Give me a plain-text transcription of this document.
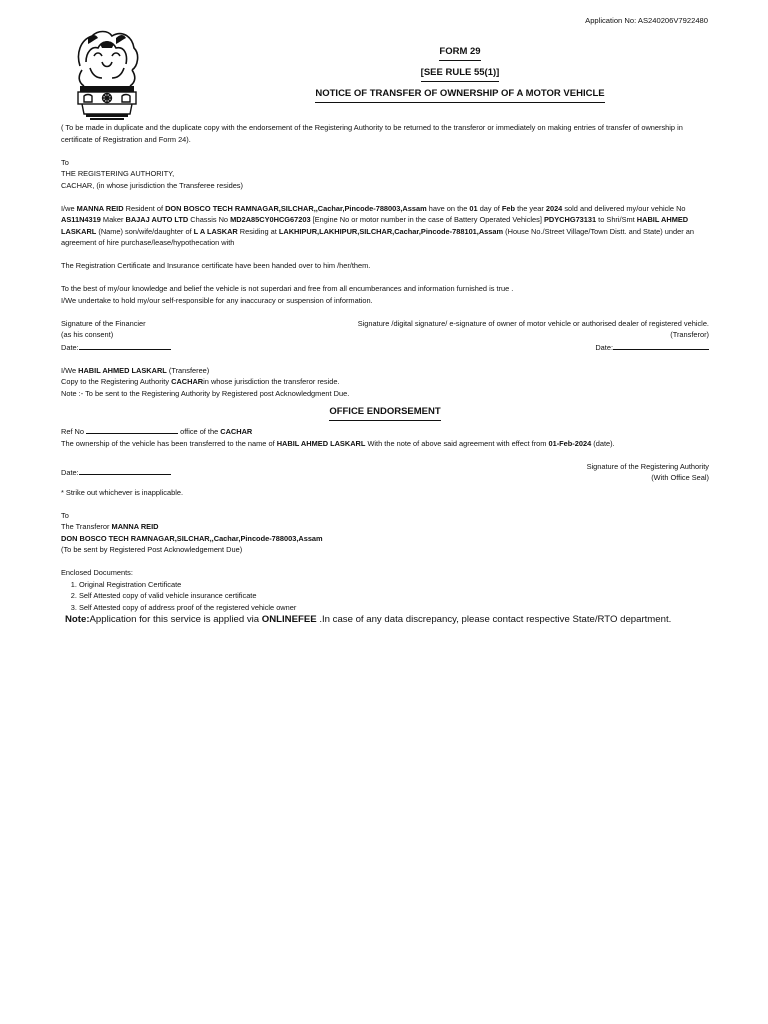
Application No: AS240206V7922480
FORM 29
[SEE RULE 55(1)]
NOTICE OF TRANSFER OF OWNERSHIP OF A MOTOR VEHICLE

( To be made in duplicate and the duplicate copy with the endorsement of the Registering Authority to be returned to the transferor or immediately on making entries of transfer of ownership in certificate of Registration and Form 24).

To

THE REGISTERING AUTHORITY,

CACHAR, (in whose jurisdiction the Transferee resides)

I/we MANNA REID Resident of DON BOSCO TECH RAMNAGAR,SILCHAR,,Cachar,Pincode-788003,Assam have on the 01 day of Feb the year 2024 sold and delivered my/our vehicle No AS11N4319 Maker BAJAJ AUTO LTD Chassis No MD2A85CY0HCG67203 [Engine No or motor number in the case of Battery Operated Vehicles] PDYCHG73131 to Shri/Smt HABIL AHMED LASKARL (Name) son/wife/daughter of L A LASKAR Residing at LAKHIPUR,LAKHIPUR,SILCHAR,Cachar,Pincode-788101,Assam (House No./Street Village/Town Distt. and State) under an agreement of hire purchase/lease/hypothecation with

The Registration Certificate and Insurance certificate have been handed over to him /her/them.

To the best of my/our knowledge and belief the vehicle is not superdari and free from all encumberances and information furnished is true .

I/We undertake to hold my/our self-responsible for any inaccuracy or suspension of information.

Signature of the Financier

(as his consent)

Date:

Signature /digital signature/ e-signature of owner of motor vehicle or authorised dealer of registered vehicle.

(Transferor)

Date:

I/We HABIL AHMED LASKARL (Transferee)

Copy to the Registering Authority CACHARin whose jurisdiction the transferor reside.

Note :- To be sent to the Registering Authority by Registered post Acknowledgment Due.

OFFICE ENDORSEMENT

Ref No	office of the CACHAR

The ownership of the vehicle has been transferred to the name of HABIL AHMED LASKARL With the note of above said agreement with effect from 01-Feb-2024 (date).

Date:

Signature of the Registering Authority

(With Office Seal)

* Strike out whichever is inapplicable.

To

The Transferor MANNA REID

DON BOSCO TECH RAMNAGAR,SILCHAR,,Cachar,Pincode-788003,Assam

(To be sent by Registered Post Acknowledgement Due)

Enclosed Documents:

1. Original Registration Certificate
2. Self Attested copy of valid vehicle insurance certificate
3. Self Attested copy of address proof of the registered vehicle owner

Note:Application for this service is applied via ONLINEFEE .In case of any data discrepancy, please contact respective State/RTO department.
